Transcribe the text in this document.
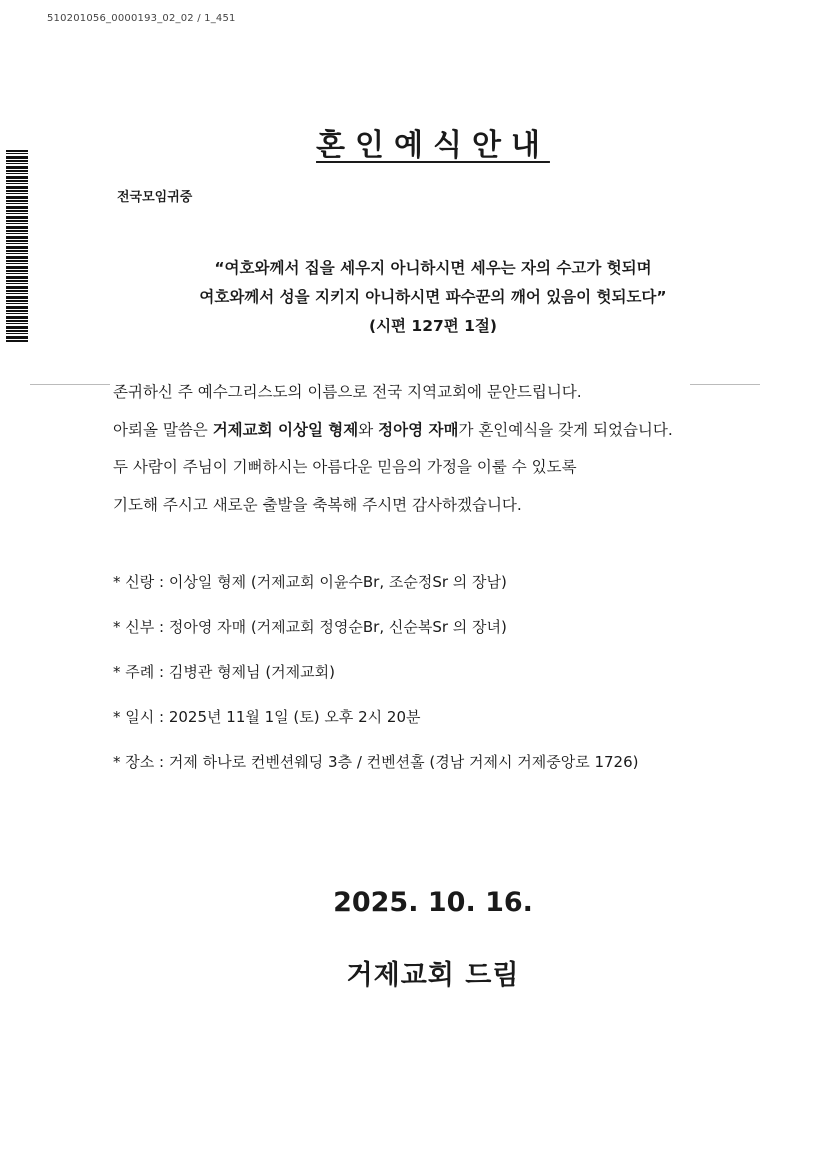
510201056_0000193_02_02 / 1_451
혼인예식안내
전국모임귀중
“여호와께서 집을 세우지 아니하시면 세우는 자의 수고가 헛되며
여호와께서 성을 지키지 아니하시면 파수꾼의 깨어 있음이 헛되도다”
(시편 127편 1절)
존귀하신 주 예수그리스도의 이름으로 전국 지역교회에 문안드립니다.
아뢰올 말씀은 거제교회 이상일 형제와 정아영 자매가 혼인예식을 갖게 되었습니다.
두 사람이 주님이 기뻐하시는 아름다운 믿음의 가정을 이룰 수 있도록
기도해 주시고 새로운 출발을 축복해 주시면 감사하겠습니다.
* 신랑 : 이상일 형제 (거제교회 이윤수Br, 조순정Sr 의 장남)
* 신부 : 정아영 자매 (거제교회 정영순Br, 신순복Sr 의 장녀)
* 주례 : 김병관 형제님 (거제교회)
* 일시 : 2025년 11월 1일 (토) 오후 2시 20분
* 장소 : 거제 하나로 컨벤션웨딩 3층 / 컨벤션홀 (경남 거제시 거제중앙로 1726)
2025. 10. 16.
거제교회 드림
